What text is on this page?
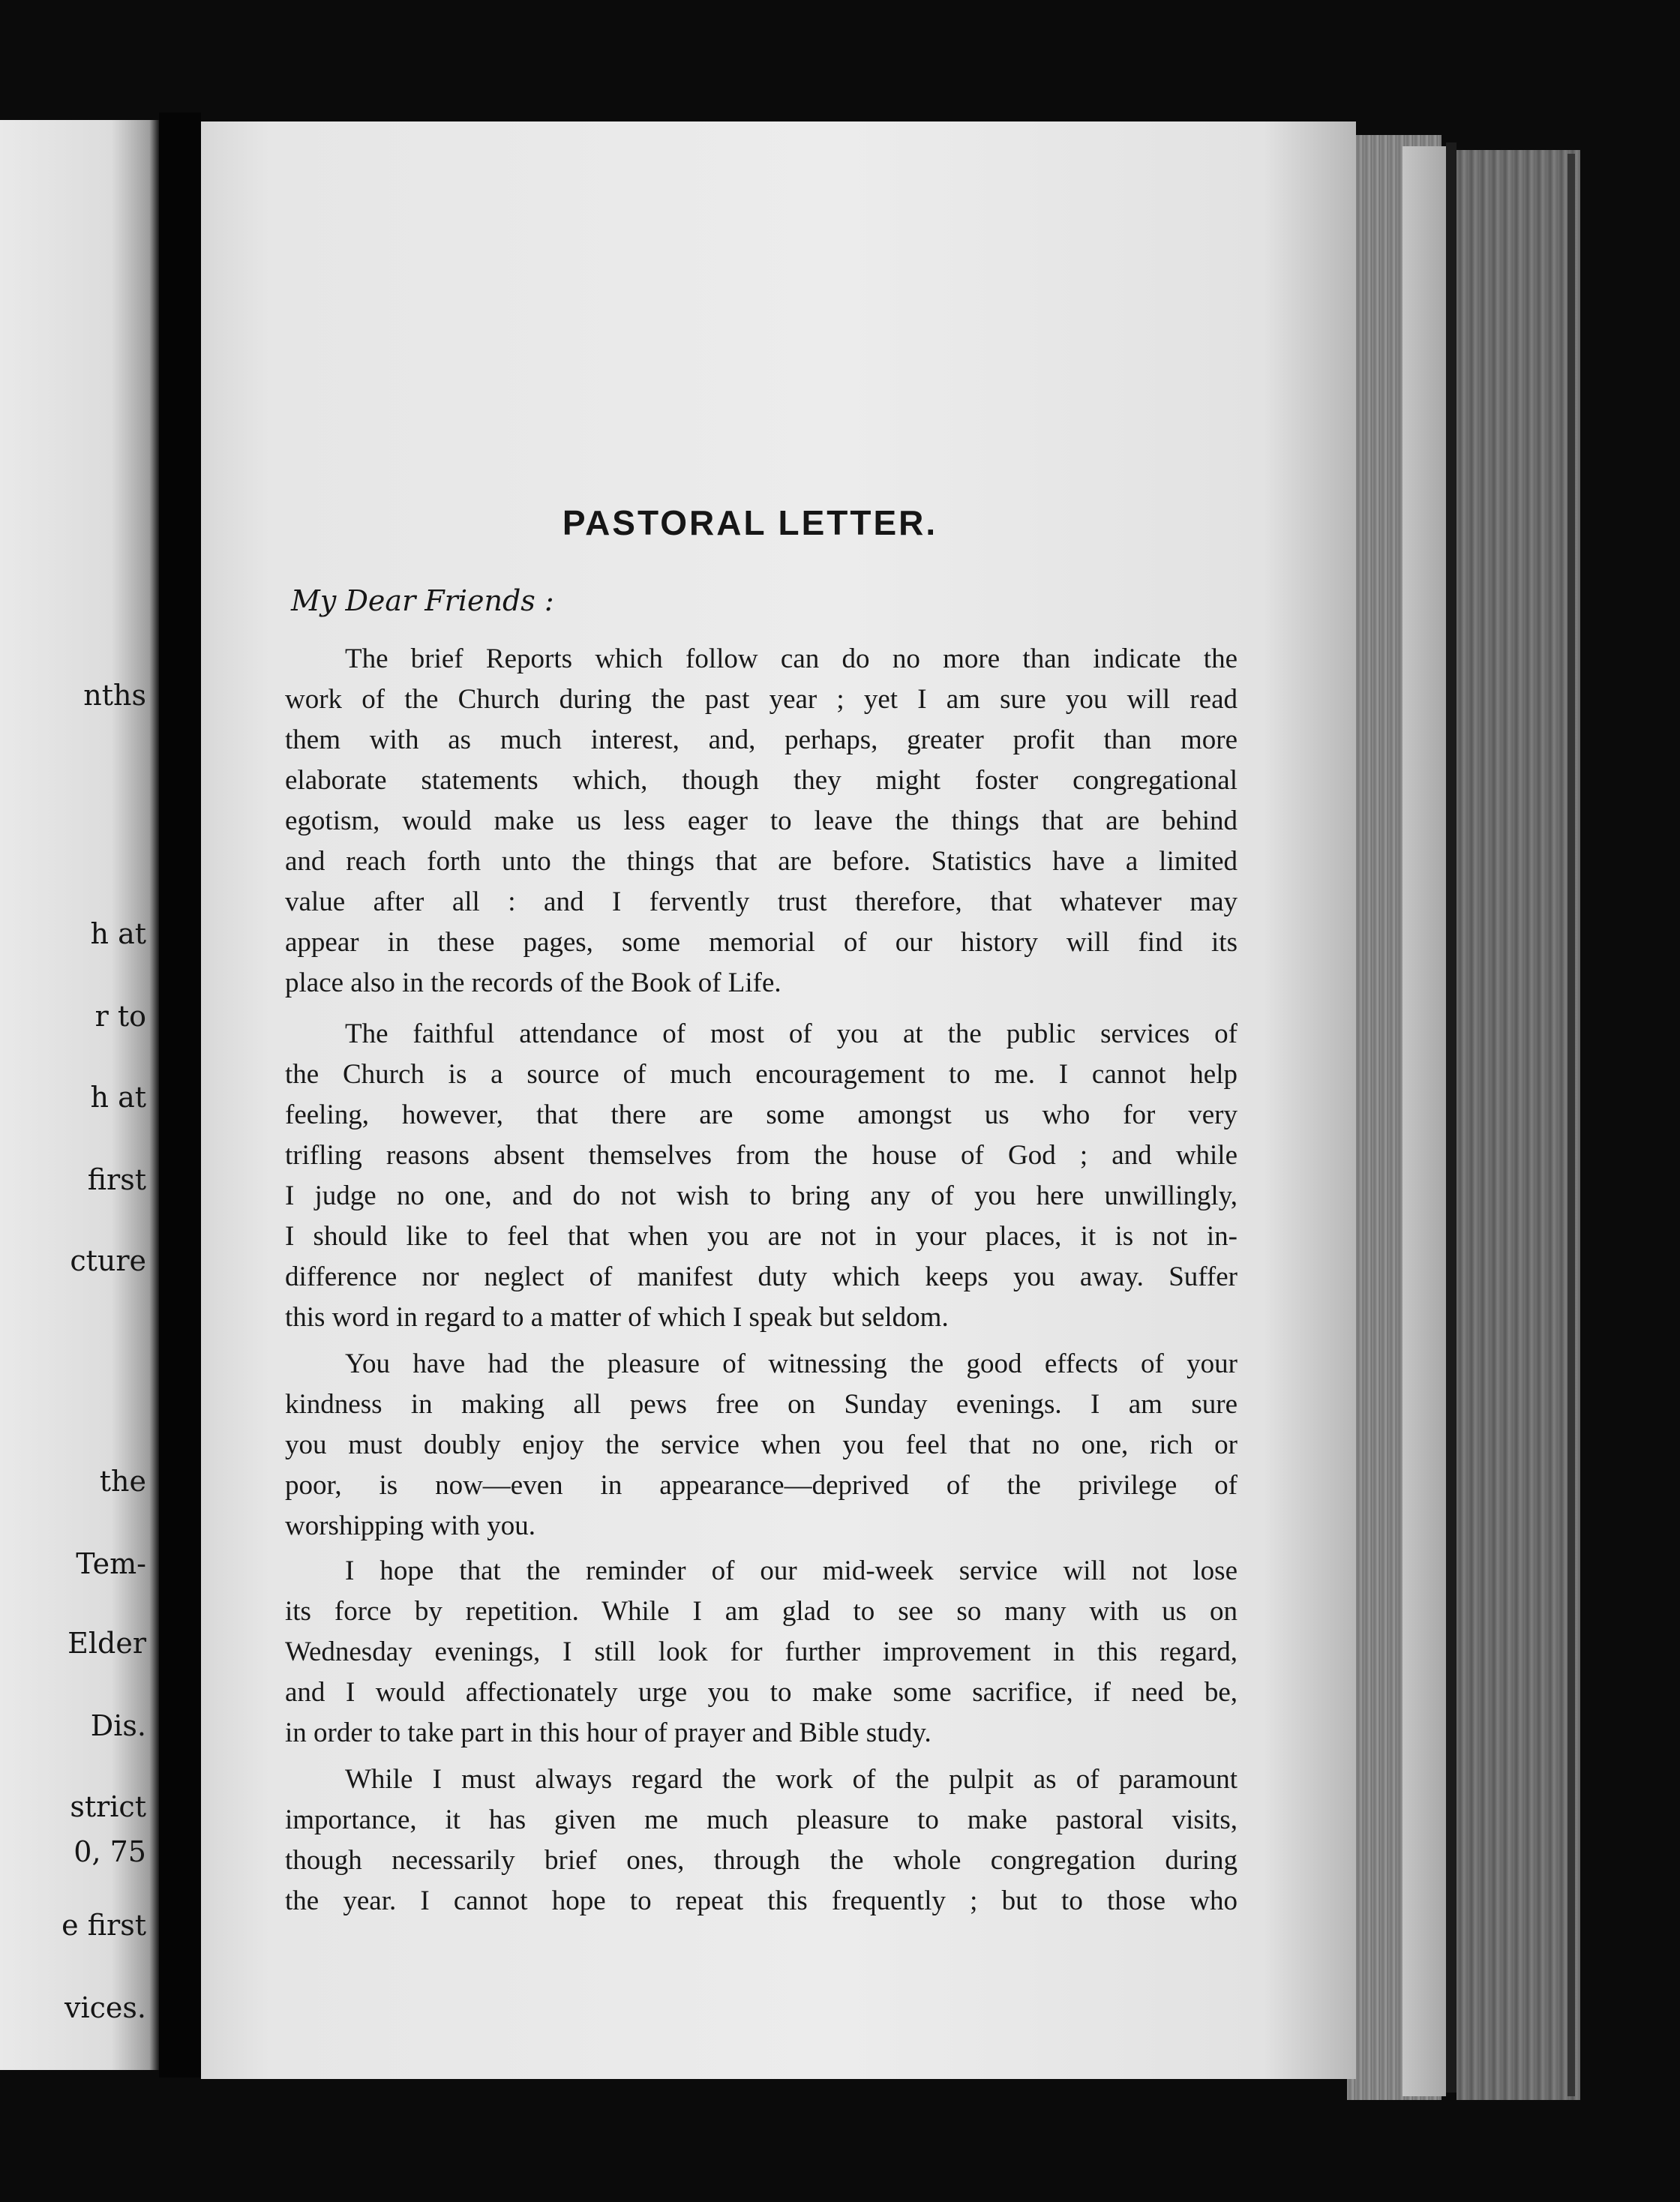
nths
h at
r to
h at
first
cture
the
Tem-
Elder
Dis.
strict
0, 75
e first
vices.
PASTORAL LETTER.
My Dear Friends :
The brief Reports which follow can do no more than indicate the
work of the Church during the past year ; yet I am sure you will read
them with as much interest, and, perhaps, greater profit than more
elaborate statements which, though they might foster congregational
egotism, would make us less eager to leave the things that are behind
and reach forth unto the things that are before. Statistics have a limited
value after all : and I fervently trust therefore, that whatever may
appear in these pages, some memorial of our history will find its
place also in the records of the Book of Life.
The faithful attendance of most of you at the public services of
the Church is a source of much encouragement to me. I cannot help
feeling, however, that there are some amongst us who for very
trifling reasons absent themselves from the house of God ; and while
I judge no one, and do not wish to bring any of you here unwillingly,
I should like to feel that when you are not in your places, it is not in-
difference nor neglect of manifest duty which keeps you away. Suffer
this word in regard to a matter of which I speak but seldom.
You have had the pleasure of witnessing the good effects of your
kindness in making all pews free on Sunday evenings. I am sure
you must doubly enjoy the service when you feel that no one, rich or
poor, is now—even in appearance—deprived of the privilege of
worshipping with you.
I hope that the reminder of our mid-week service will not lose
its force by repetition. While I am glad to see so many with us on
Wednesday evenings, I still look for further improvement in this regard,
and I would affectionately urge you to make some sacrifice, if need be,
in order to take part in this hour of prayer and Bible study.
While I must always regard the work of the pulpit as of paramount
importance, it has given me much pleasure to make pastoral visits,
though necessarily brief ones, through the whole congregation during
the year. I cannot hope to repeat this frequently ; but to those who
